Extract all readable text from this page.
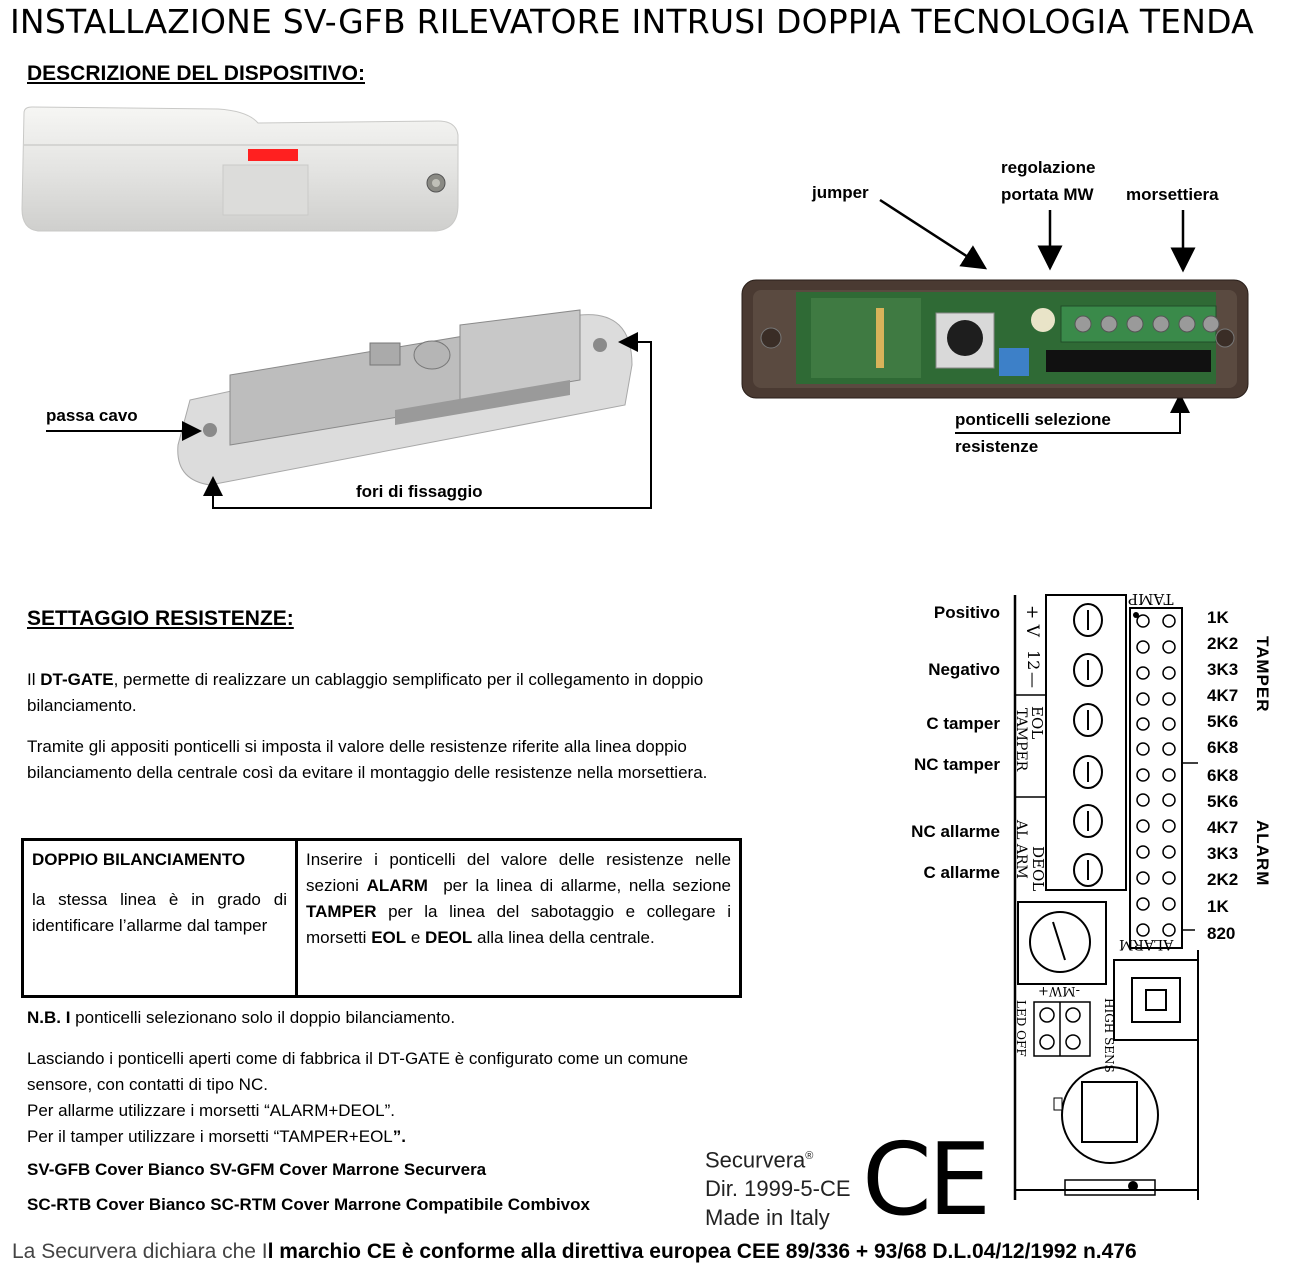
INSTALLAZIONE SV-GFB RILEVATORE INTRUSI DOPPIA TECNOLOGIA TENDA
DESCRIZIONE DEL DISPOSITIVO:
passa cavo
fori di fissaggio
jumper
regolazione
portata MW morsettiera
ponticelli selezione
resistenze
SETTAGGIO RESISTENZE:
Il DT-GATE, permette di realizzare un cablaggio semplificato per il collegamento in doppio bilanciamento.
Tramite gli appositi ponticelli si imposta il valore delle resistenze riferite alla linea doppio bilanciamento della centrale così da evitare il montaggio delle resistenze nella morsettiera.
DOPPIO BILANCIAMENTO
la stessa linea è in grado di identificare l’allarme dal tamper
	Inserire i ponticelli del valore delle resistenze nelle sezioni ALARM  per la linea di allarme, nella sezione TAMPER per la linea del sabotaggio e collegare i morsetti EOL e DEOL alla linea della centrale.
N.B. I ponticelli selezionano solo il doppio bilanciamento.
Lasciando i ponticelli aperti come di fabbrica il DT-GATE è configurato come un comune sensore, con contatti di tipo NC.
Per allarme utilizzare i morsetti “ALARM+DEOL”.
Per il tamper utilizzare i morsetti “TAMPER+EOL”.
SV-GFB Cover Bianco SV-GFM Cover Marrone Securvera
SC-RTB Cover Bianco SC-RTM Cover Marrone Compatibile Combivox
Securvera®
Dir. 1999-5-CE
Made in Italy CE
La Securvera dichiara che Il marchio CE è conforme alla direttiva europea CEE 89/336 + 93/68 D.L.04/12/1992 n.476
Positivo
Negativo
C tamper
NC tamper
NC allarme
C allarme
TAMP
+ V
12
—
EOL
TAMPER
DEOL
AL ARM
ALARM
-MW+
LED OFF	HIGH SENS
1K
2K2
3K3
4K7
5K6
6K8
6K8
5K6
4K7
3K3
2K2
1K
820
TAMPER
ALARM
